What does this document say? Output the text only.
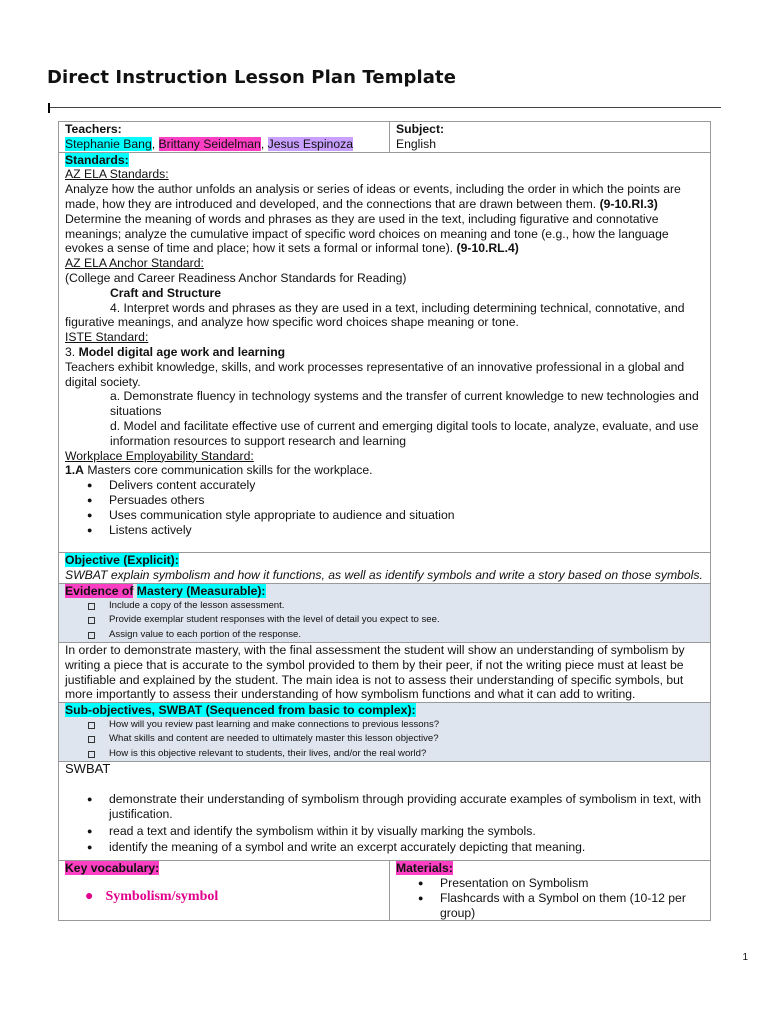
Direct Instruction Lesson Plan Template
Teachers:
Stephanie Bang, Brittany Seidelman, Jesus Espinoza
Subject:
English
Standards:
AZ ELA Standards:
Analyze how the author unfolds an analysis or series of ideas or events, including the order in which the points are made, how they are introduced and developed, and the connections that are drawn between them. (9-10.RI.3)
Determine the meaning of words and phrases as they are used in the text, including figurative and connotative meanings; analyze the cumulative impact of specific word choices on meaning and tone (e.g., how the language evokes a sense of time and place; how it sets a formal or informal tone). (9-10.RL.4)
AZ ELA Anchor Standard:
(College and Career Readiness Anchor Standards for Reading)
Craft and Structure
4. Interpret words and phrases as they are used in a text, including determining technical, connotative, and figurative meanings, and analyze how specific word choices shape meaning or tone.
ISTE Standard:
3. Model digital age work and learning
Teachers exhibit knowledge, skills, and work processes representative of an innovative professional in a global and digital society.
a. Demonstrate fluency in technology systems and the transfer of current knowledge to new technologies and situations
d. Model and facilitate effective use of current and emerging digital tools to locate, analyze, evaluate, and use information resources to support research and learning
Workplace Employability Standard:
1.A Masters core communication skills for the workplace.
● Delivers content accurately
● Persuades others
● Uses communication style appropriate to audience and situation
● Listens actively
Objective (Explicit):
SWBAT explain symbolism and how it functions, as well as identify symbols and write a story based on those symbols.
Evidence of Mastery (Measurable):
Include a copy of the lesson assessment.
Provide exemplar student responses with the level of detail you expect to see.
Assign value to each portion of the response.
In order to demonstrate mastery, with the final assessment the student will show an understanding of symbolism by writing a piece that is accurate to the symbol provided to them by their peer, if not the writing piece must at least be justifiable and explained by the student. The main idea is not to assess their understanding of specific symbols, but more importantly to assess their understanding of how symbolism functions and what it can add to writing.
Sub-objectives, SWBAT (Sequenced from basic to complex):
How will you review past learning and make connections to previous lessons?
What skills and content are needed to ultimately master this lesson objective?
How is this objective relevant to students, their lives, and/or the real world?
SWBAT
● demonstrate their understanding of symbolism through providing accurate examples of symbolism in text, with justification.
● read a text and identify the symbolism within it by visually marking the symbols.
● identify the meaning of a symbol and write an excerpt accurately depicting that meaning.
Key vocabulary:
● Symbolism/symbol
Materials:
● Presentation on Symbolism
● Flashcards with a Symbol on them (10-12 per group)
1
